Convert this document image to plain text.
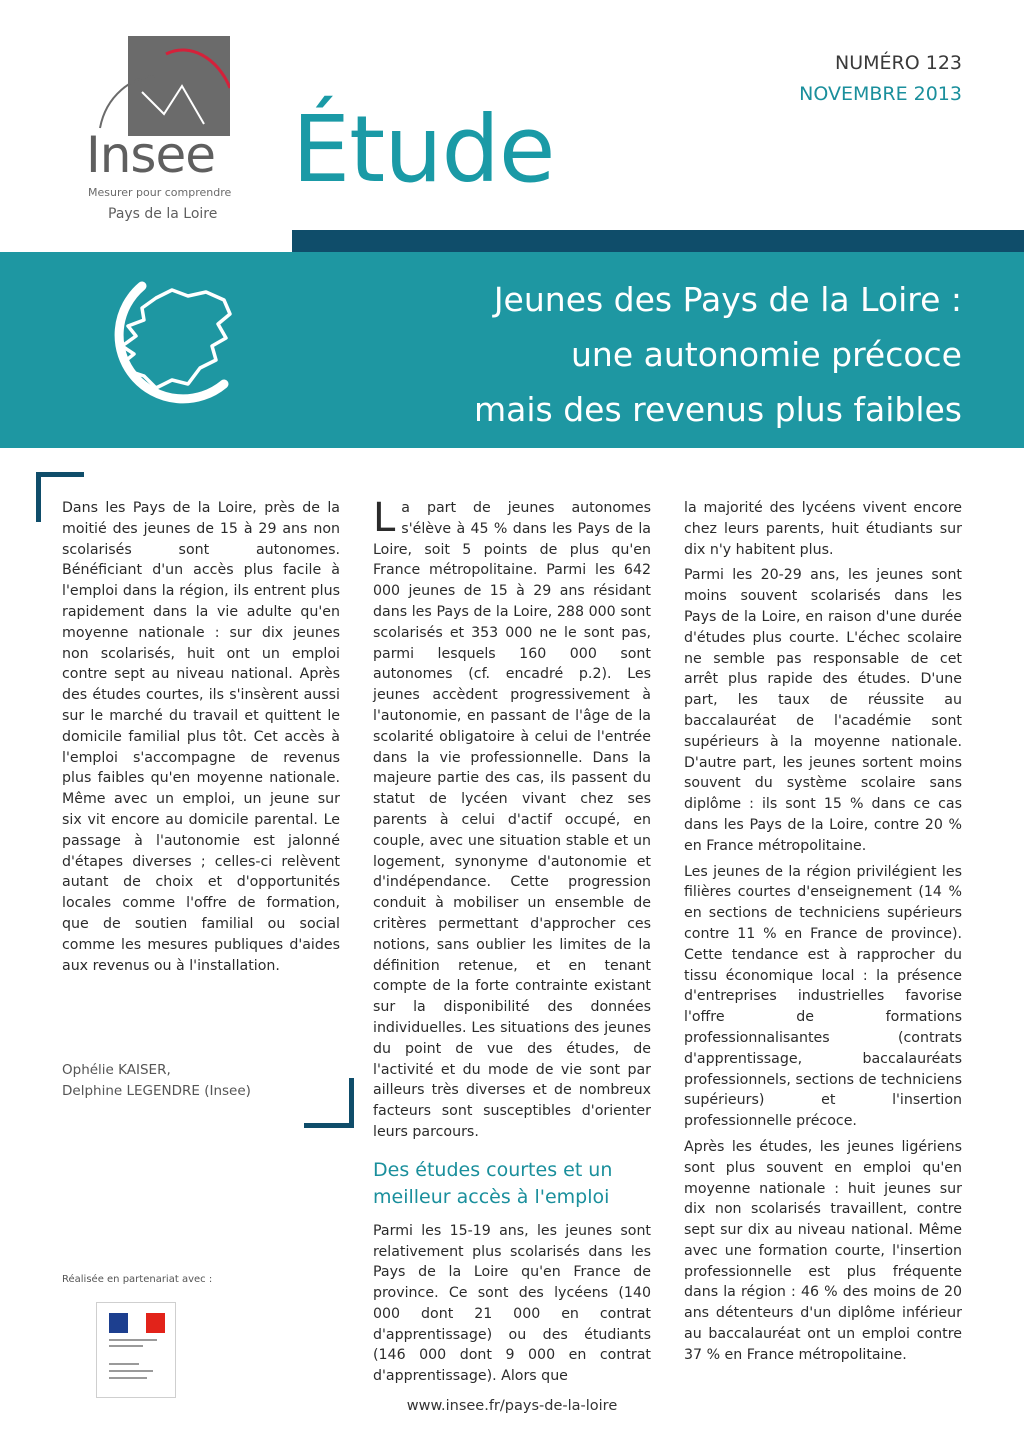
Insee
Mesurer pour comprendre
Pays de la Loire
NUMÉRO 123
NOVEMBRE 2013
Étude
Jeunes des Pays de la Loire :
une autonomie précoce
mais des revenus plus faibles

Dans les Pays de la Loire, près de la moitié des jeunes de 15 à 29 ans non scolarisés sont autonomes. Bénéficiant d'un accès plus facile à l'emploi dans la région, ils entrent plus rapidement dans la vie adulte qu'en moyenne nationale : sur dix jeunes non scolarisés, huit ont un emploi contre sept au niveau national. Après des études courtes, ils s'insèrent aussi sur le marché du travail et quittent le domicile familial plus tôt. Cet accès à l'emploi s'accompagne de revenus plus faibles qu'en moyenne nationale. Même avec un emploi, un jeune sur six vit encore au domicile parental. Le passage à l'autonomie est jalonné d'étapes diverses ; celles-ci relèvent autant de choix et d'opportunités locales comme l'offre de formation, que de soutien familial ou social comme les mesures publiques d'aides aux revenus ou à l'installation.

Ophélie KAISER,
Delphine LEGENDRE (Insee)
Réalisée en partenariat avec :

La part de jeunes autonomes s'élève à 45 % dans les Pays de la Loire, soit 5 points de plus qu'en France métropolitaine. Parmi les 642 000 jeunes de 15 à 29 ans résidant dans les Pays de la Loire, 288 000 sont scolarisés et 353 000 ne le sont pas, parmi lesquels 160 000 sont autonomes (cf. encadré p.2). Les jeunes accèdent progressivement à l'autonomie, en passant de l'âge de la scolarité obligatoire à celui de l'entrée dans la vie professionnelle. Dans la majeure partie des cas, ils passent du statut de lycéen vivant chez ses parents à celui d'actif occupé, en couple, avec une situation stable et un logement, synonyme d'autonomie et d'indépendance. Cette progression conduit à mobiliser un ensemble de critères permettant d'approcher ces notions, sans oublier les limites de la définition retenue, et en tenant compte de la forte contrainte existant sur la disponibilité des données individuelles. Les situations des jeunes du point de vue des études, de l'activité et du mode de vie sont par ailleurs très diverses et de nombreux facteurs sont susceptibles d'orienter leurs parcours.

Des études courtes et un meilleur accès à l'emploi

Parmi les 15-19 ans, les jeunes sont relativement plus scolarisés dans les Pays de la Loire qu'en France de province. Ce sont des lycéens (140 000 dont 21 000 en contrat d'apprentissage) ou des étudiants (146 000 dont 9 000 en contrat d'apprentissage). Alors que

la majorité des lycéens vivent encore chez leurs parents, huit étudiants sur dix n'y habitent plus.

Parmi les 20-29 ans, les jeunes sont moins souvent scolarisés dans les Pays de la Loire, en raison d'une durée d'études plus courte. L'échec scolaire ne semble pas responsable de cet arrêt plus rapide des études. D'une part, les taux de réussite au baccalauréat de l'académie sont supérieurs à la moyenne nationale. D'autre part, les jeunes sortent moins souvent du système scolaire sans diplôme : ils sont 15 % dans ce cas dans les Pays de la Loire, contre 20 % en France métropolitaine.

Les jeunes de la région privilégient les filières courtes d'enseignement (14 % en sections de techniciens supérieurs contre 11 % en France de province). Cette tendance est à rapprocher du tissu économique local : la présence d'entreprises industrielles favorise l'offre de formations professionnalisantes (contrats d'apprentissage, baccalauréats professionnels, sections de techniciens supérieurs) et l'insertion professionnelle précoce.

Après les études, les jeunes ligériens sont plus souvent en emploi qu'en moyenne nationale : huit jeunes sur dix non scolarisés travaillent, contre sept sur dix au niveau national. Même avec une formation courte, l'insertion professionnelle est plus fréquente dans la région : 46 % des moins de 20 ans détenteurs d'un diplôme inférieur au baccalauréat ont un emploi contre 37 % en France métropolitaine.

www.insee.fr/pays-de-la-loire
